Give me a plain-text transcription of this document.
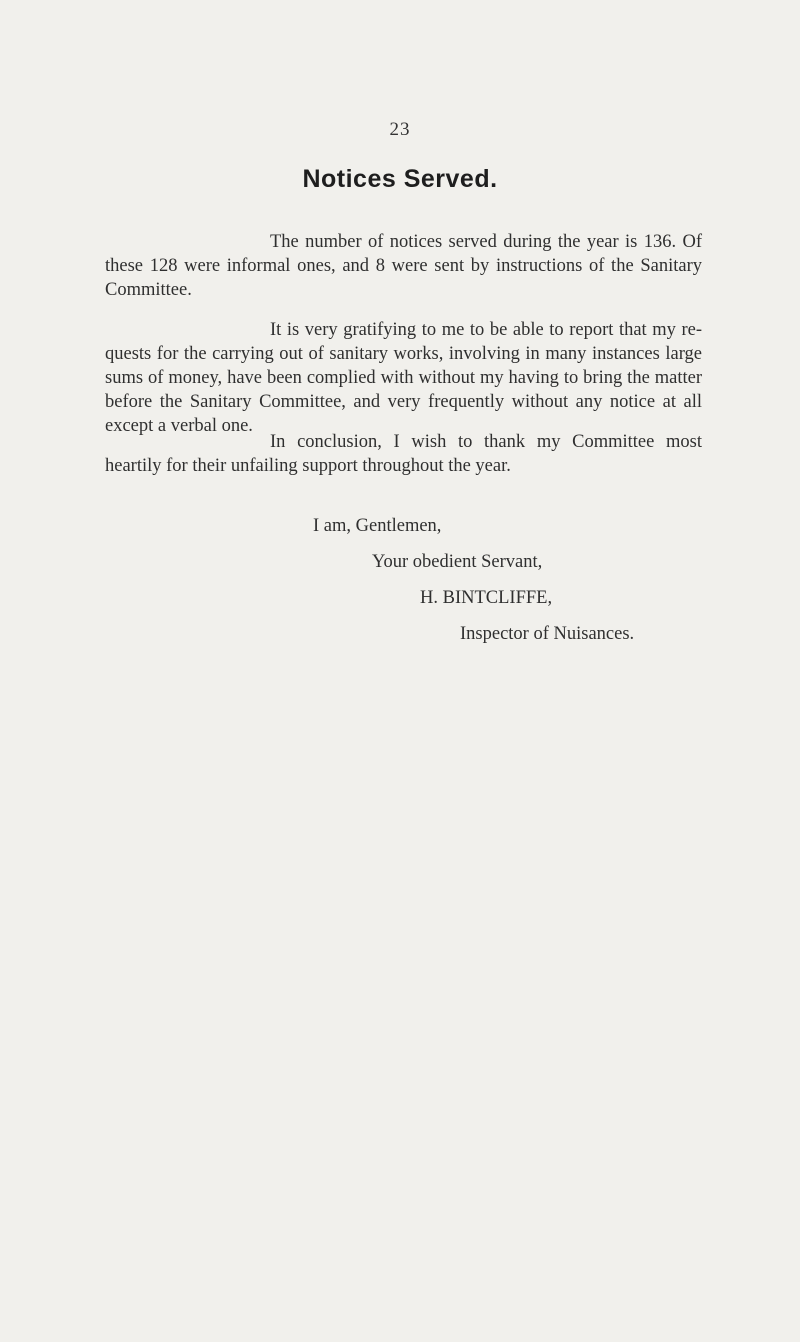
23
Notices Served.

The number of notices served during the year is 136. Of these 128 were informal ones, and 8 were sent by instructions of the Sanitary Committee.

It is very gratifying to me to be able to report that my re- quests for the carrying out of sanitary works, involving in many instances large sums of money, have been complied with without my having to bring the matter before the Sanitary Committee, and very frequently without any notice at all except a verbal one.

In conclusion, I wish to thank my Committee most heartily for their unfailing support throughout the year.

I am, Gentlemen,
Your obedient Servant,
H. BINTCLIFFE,
Inspector of Nuisances.
